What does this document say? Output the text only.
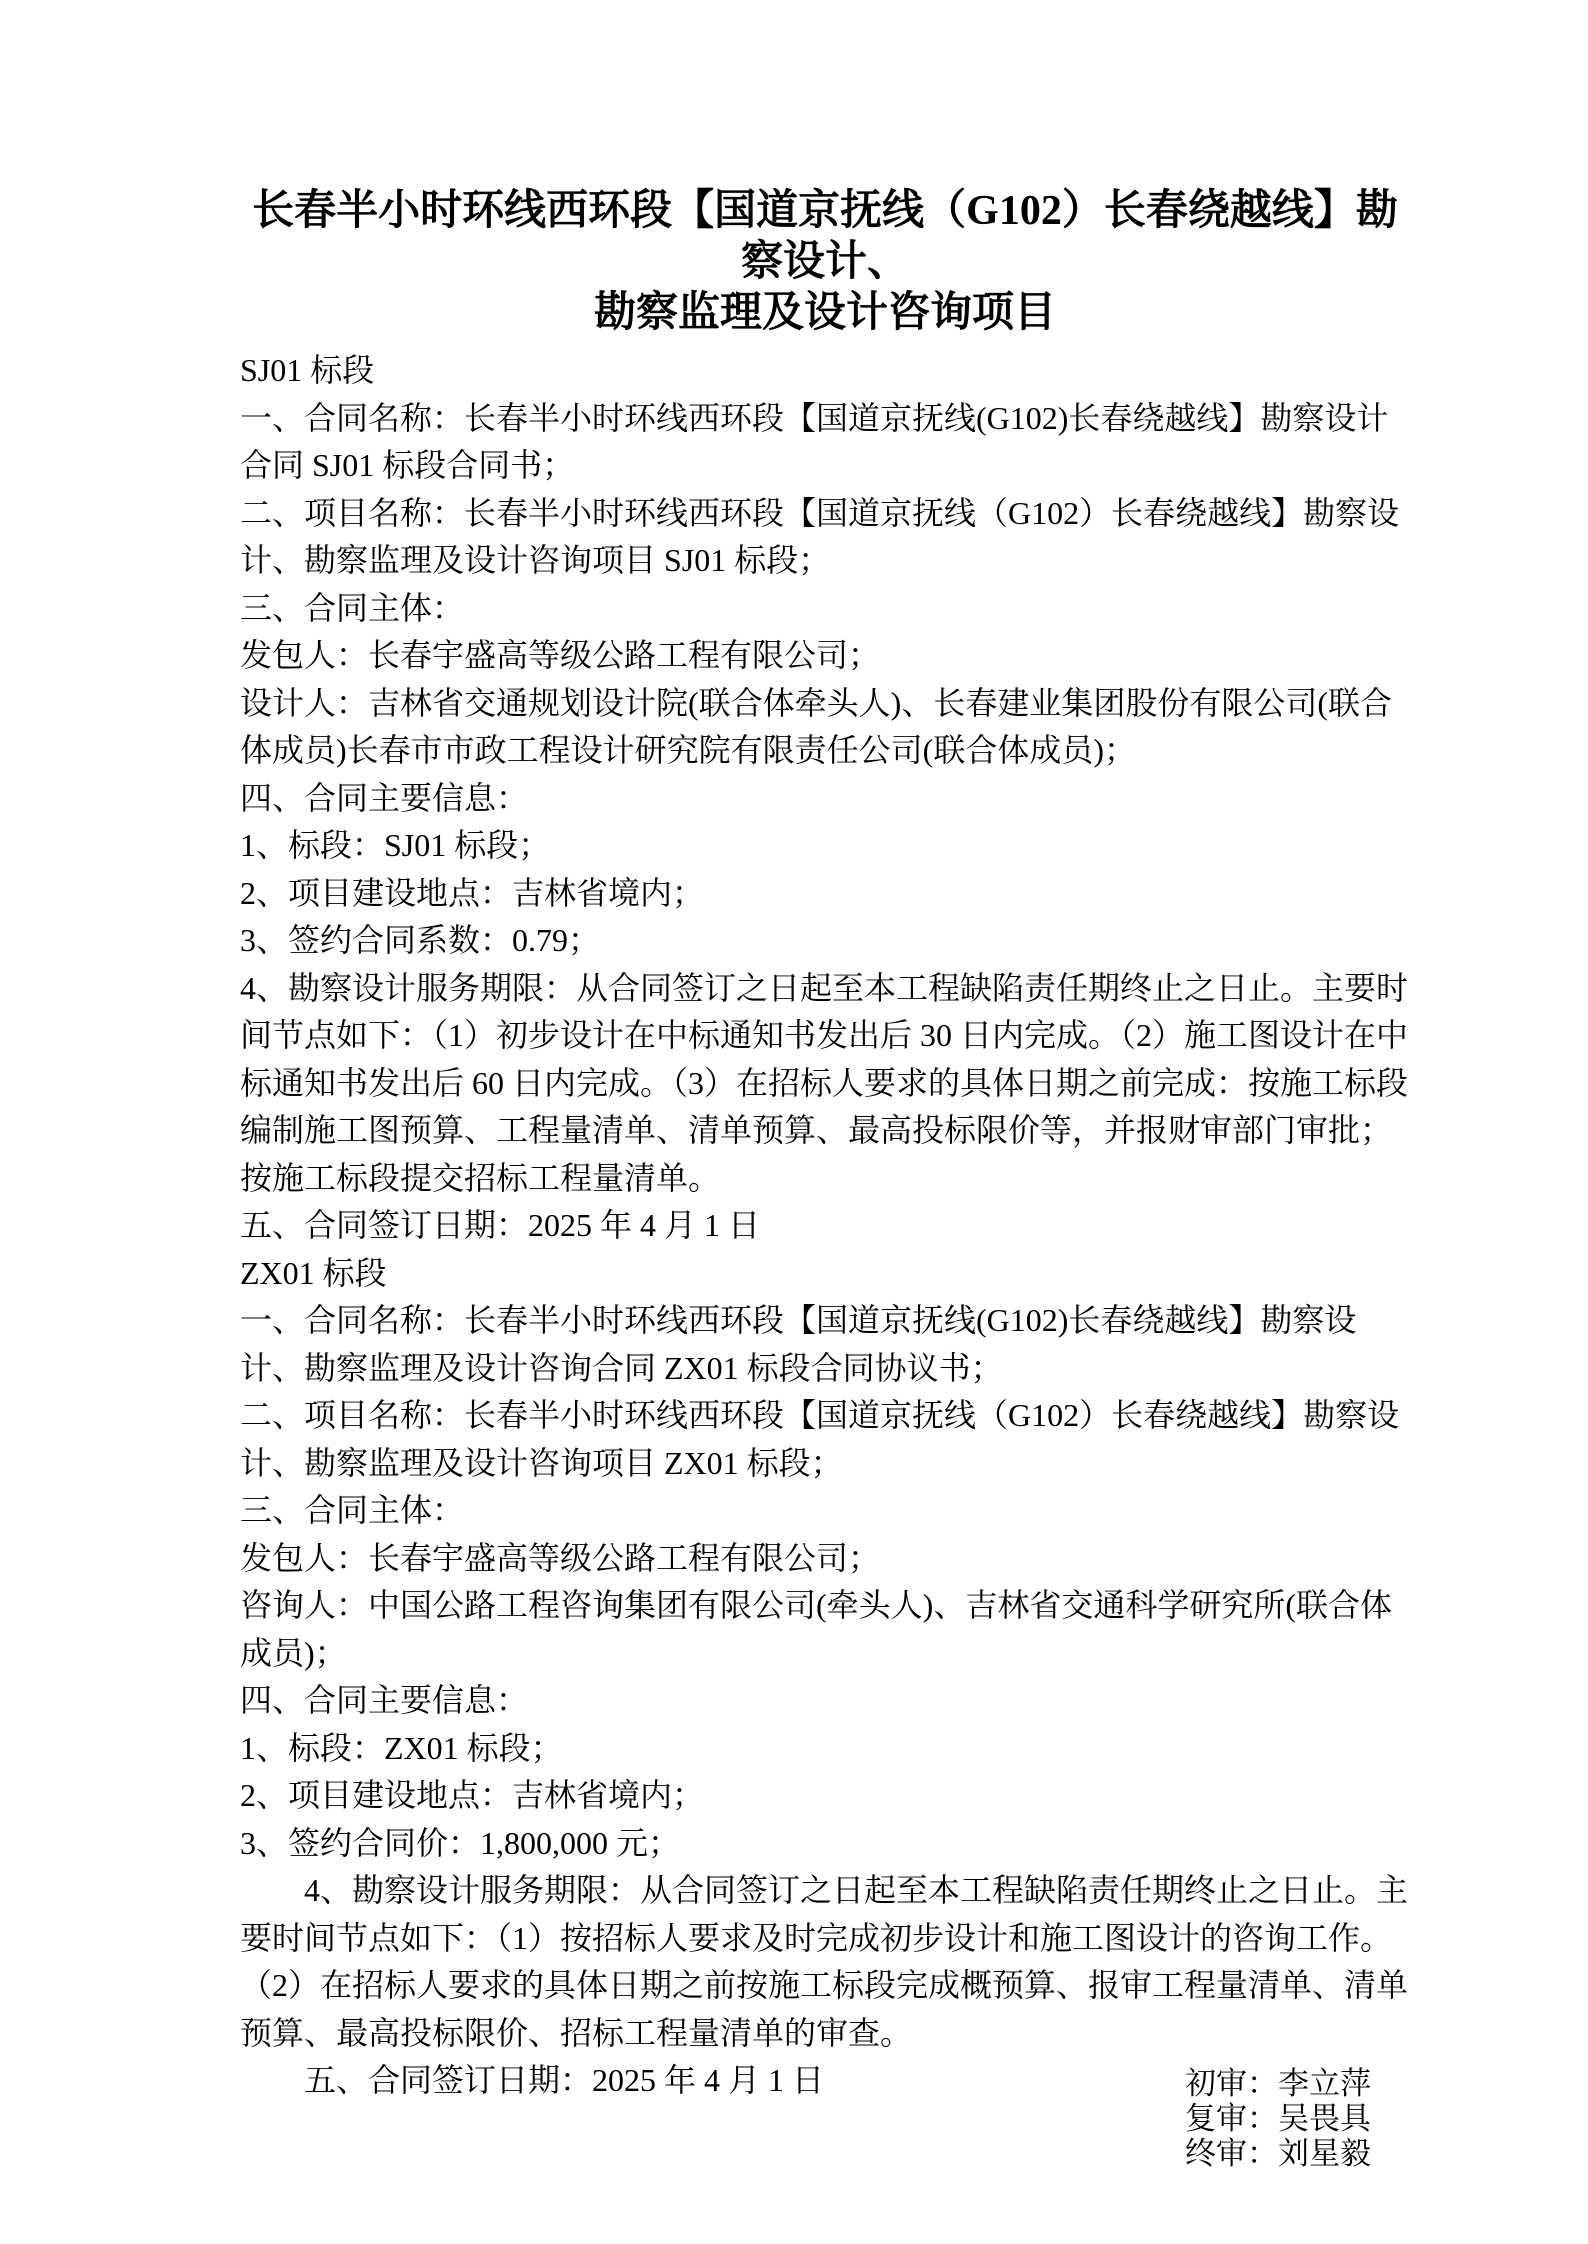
长春半小时环线西环段【国道京抚线（G102）长春绕越线】勘察设计、
勘察监理及设计咨询项目

SJ01 标段

一、合同名称：长春半小时环线西环段【国道京抚线(G102)长春绕越线】勘察设计合同 SJ01 标段合同书；

二、项目名称：长春半小时环线西环段【国道京抚线（G102）长春绕越线】勘察设计、勘察监理及设计咨询项目 SJ01 标段；

三、合同主体：

发包人：长春宇盛高等级公路工程有限公司；

设计人：吉林省交通规划设计院(联合体牵头人)、长春建业集团股份有限公司(联合体成员)长春市市政工程设计研究院有限责任公司(联合体成员)；

四、合同主要信息：

1、标段：SJ01 标段；

2、项目建设地点：吉林省境内；

3、签约合同系数：0.79；

4、勘察设计服务期限：从合同签订之日起至本工程缺陷责任期终止之日止。主要时间节点如下：（1）初步设计在中标通知书发出后 30 日内完成。（2）施工图设计在中标通知书发出后 60 日内完成。（3）在招标人要求的具体日期之前完成：按施工标段编制施工图预算、工程量清单、清单预算、最高投标限价等，并报财审部门审批；按施工标段提交招标工程量清单。

五、合同签订日期：2025 年 4 月 1 日

ZX01 标段

一、合同名称：长春半小时环线西环段【国道京抚线(G102)长春绕越线】勘察设计、勘察监理及设计咨询合同 ZX01 标段合同协议书；

二、项目名称：长春半小时环线西环段【国道京抚线（G102）长春绕越线】勘察设计、勘察监理及设计咨询项目 ZX01 标段；

三、合同主体：

发包人：长春宇盛高等级公路工程有限公司；

咨询人：中国公路工程咨询集团有限公司(牵头人)、吉林省交通科学研究所(联合体成员)；

四、合同主要信息：

1、标段：ZX01 标段；

2、项目建设地点：吉林省境内；

3、签约合同价：1,800,000 元；

4、勘察设计服务期限：从合同签订之日起至本工程缺陷责任期终止之日止。主要时间节点如下：（1）按招标人要求及时完成初步设计和施工图设计的咨询工作。（2）在招标人要求的具体日期之前按施工标段完成概预算、报审工程量清单、清单预算、最高投标限价、招标工程量清单的审查。

五、合同签订日期：2025 年 4 月 1 日	初审：李立萍
复审：吴畏具
终审：刘星毅
